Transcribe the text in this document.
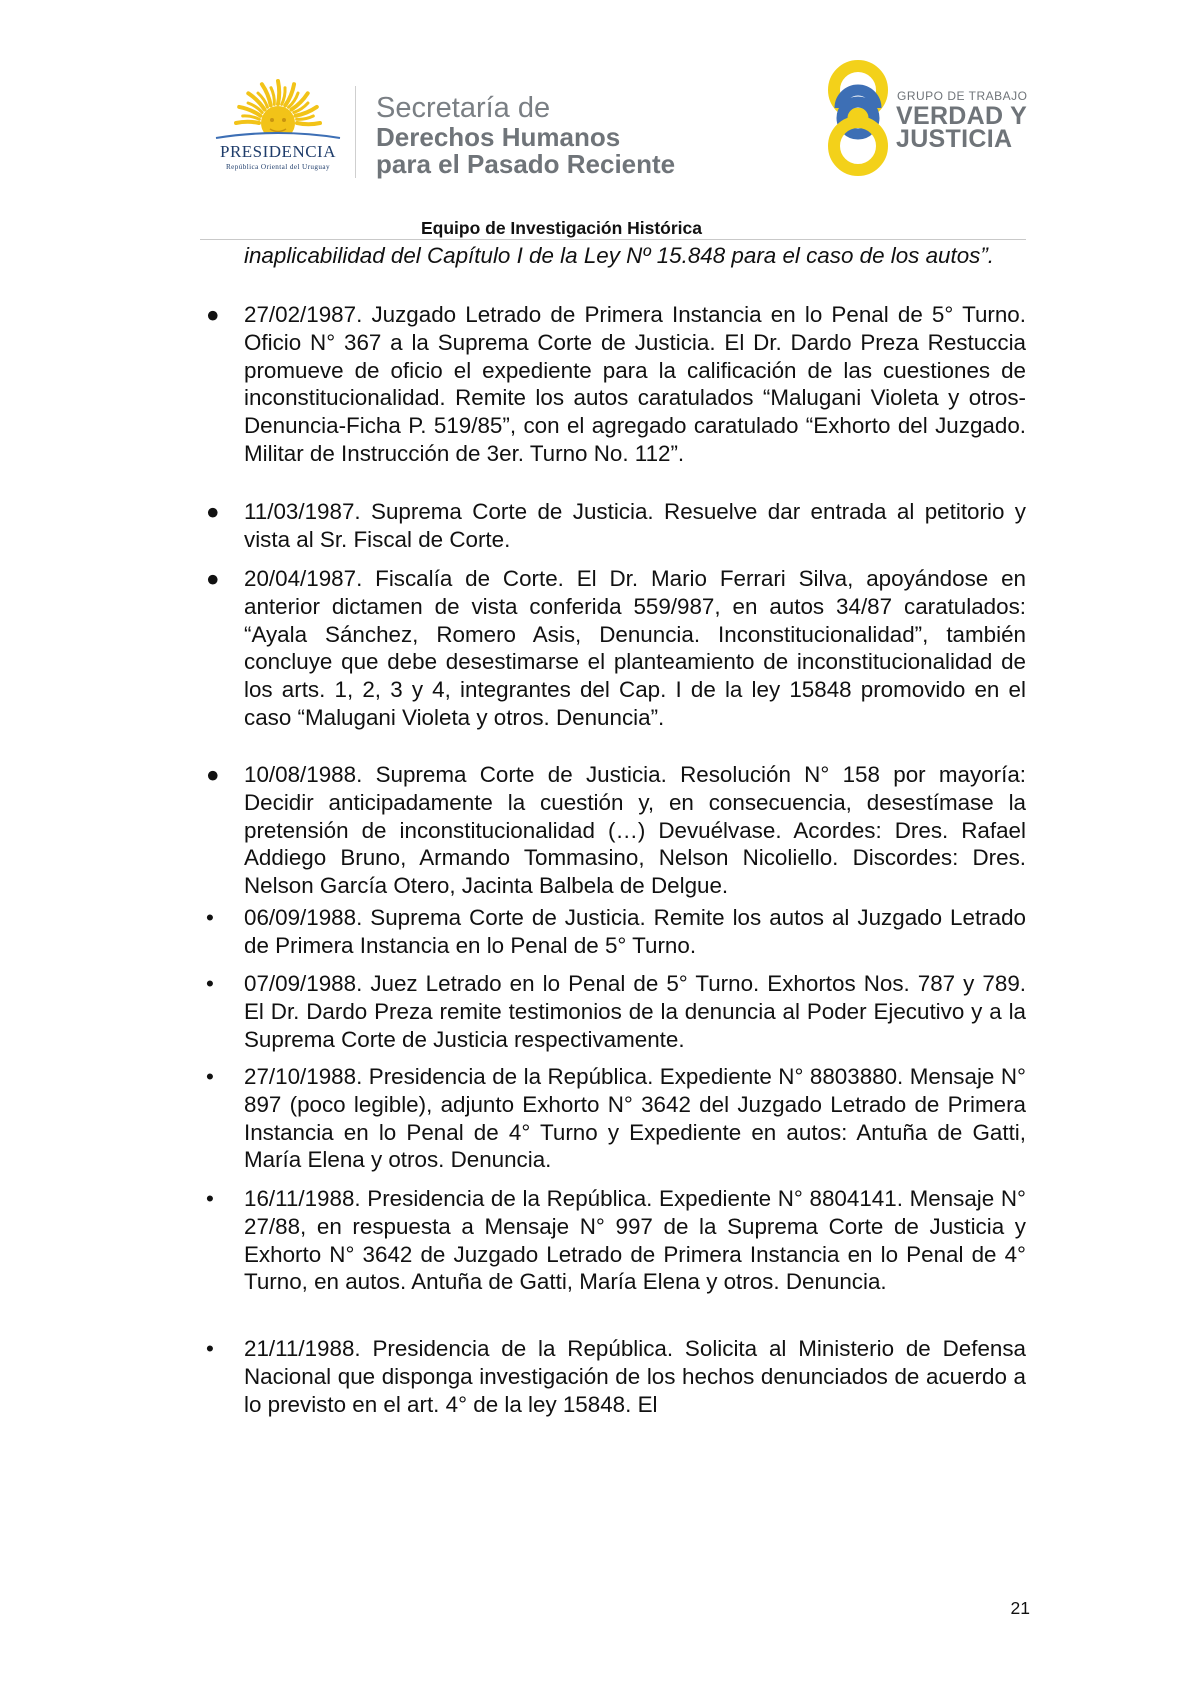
PRESIDENCIA
República Oriental del Uruguay
Secretaría de
Derechos Humanos
para el Pasado Reciente
GRUPO DE TRABAJO
VERDAD Y
JUSTICIA
Equipo de Investigación Histórica
inaplicabilidad del Capítulo I de la Ley Nº 15.848 para el caso de los autos”.
● 27/02/1987. Juzgado Letrado de Primera Instancia en lo Penal de 5° Turno. Oficio N° 367 a la Suprema Corte de Justicia. El Dr. Dardo Preza Restuccia promueve de oficio el expediente para la calificación de las cuestiones de inconstitucionalidad. Remite los autos caratulados “Malugani Violeta y otros-Denuncia-Ficha P. 519/85”, con el agregado caratulado “Exhorto del Juzgado. Militar de Instrucción de 3er. Turno No. 112”.
● 11/03/1987. Suprema Corte de Justicia. Resuelve dar entrada al petitorio y vista al Sr. Fiscal de Corte.
● 20/04/1987. Fiscalía de Corte. El Dr. Mario Ferrari Silva, apoyándose en anterior dictamen de vista conferida 559/987, en autos 34/87 caratulados: “Ayala Sánchez, Romero Asis, Denuncia. Inconstitucionalidad”, también concluye que debe desestimarse el planteamiento de inconstitucionalidad de los arts. 1, 2, 3 y 4, integrantes del Cap. I de la ley 15848 promovido en el caso “Malugani Violeta y otros. Denuncia”.
● 10/08/1988. Suprema Corte de Justicia. Resolución N° 158 por mayoría: Decidir anticipadamente la cuestión y, en consecuencia, desestímase la pretensión de inconstitucionalidad (…) Devuélvase. Acordes: Dres. Rafael Addiego Bruno, Armando Tommasino, Nelson Nicoliello. Discordes: Dres. Nelson García Otero, Jacinta Balbela de Delgue.
•	06/09/1988. Suprema Corte de Justicia. Remite los autos al Juzgado Letrado de Primera Instancia en lo Penal de 5° Turno.
•	07/09/1988. Juez Letrado en lo Penal de 5° Turno. Exhortos Nos. 787 y 789. El Dr. Dardo Preza remite testimonios de la denuncia al Poder Ejecutivo y a la Suprema Corte de Justicia respectivamente.
•	27/10/1988. Presidencia de la República. Expediente N° 8803880. Mensaje N° 897 (poco legible), adjunto Exhorto N° 3642 del Juzgado Letrado de Primera Instancia en lo Penal de 4° Turno y Expediente en autos: Antuña de Gatti, María Elena y otros. Denuncia.
•	16/11/1988. Presidencia de la República. Expediente N° 8804141. Mensaje N° 27/88, en respuesta a Mensaje N° 997 de la Suprema Corte de Justicia y Exhorto N° 3642 de Juzgado Letrado de Primera Instancia en lo Penal de 4° Turno, en autos. Antuña de Gatti, María Elena y otros. Denuncia.
•	21/11/1988. Presidencia de la República. Solicita al Ministerio de Defensa Nacional que disponga investigación de los hechos denunciados de acuerdo a lo previsto en el art. 4° de la ley 15848. El
21
